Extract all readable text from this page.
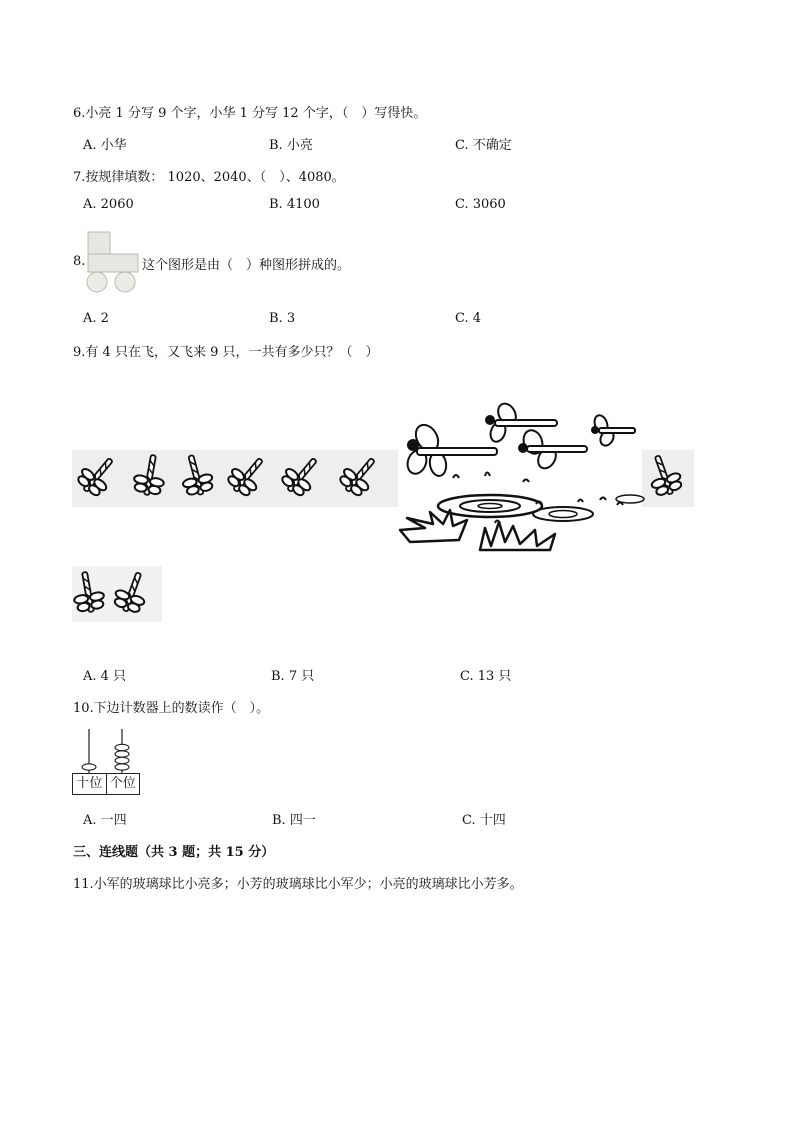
6.小亮 1 分写 9 个字，小华 1 分写 12 个字，（　）写得快。
A. 小华	B. 小亮	C. 不确定
7.按规律填数： 1020、2040、（　）、4080。
A. 2060	B. 4100	C. 3060
8.	这个图形是由（　）种图形拼成的。
A. 2	B. 3	C. 4
9.有 4 只在飞，又飞来 9 只，一共有多少只？（　）
A. 4 只	B. 7 只	C. 13 只
10.下边计数器上的数读作（　）。
十位 个位
A. 一四	B. 四一	C. 十四
三、连线题（共 3 题；共 15 分）
11.小军的玻璃球比小亮多；小芳的玻璃球比小军少；小亮的玻璃球比小芳多。
